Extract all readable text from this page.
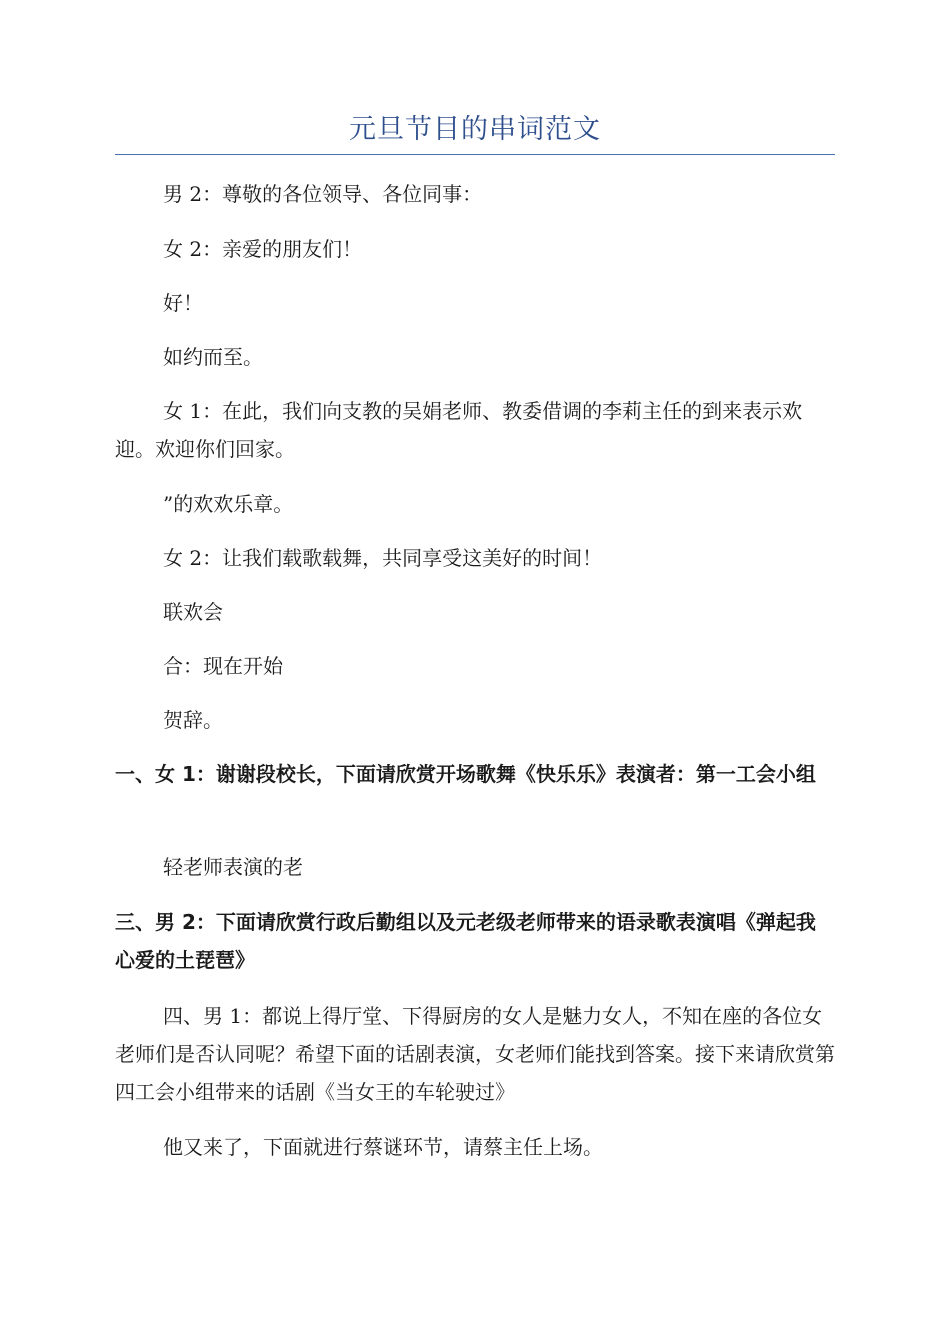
元旦节目的串词范文

男 2：尊敬的各位领导、各位同事：

女 2：亲爱的朋友们！

好！

如约而至。

女 1：在此，我们向支教的吴娟老师、教委借调的李莉主任的到来表示欢迎。欢迎你们回家。

”的欢欢乐章。

女 2：让我们载歌载舞，共同享受这美好的时间！

联欢会

合：现在开始

贺辞。

一、女 1：谢谢段校长，下面请欣赏开场歌舞《快乐乐》表演者：第一工会小组

轻老师表演的老

三、男 2：下面请欣赏行政后勤组以及元老级老师带来的语录歌表演唱《弹起我心爱的土琵琶》

四、男 1：都说上得厅堂、下得厨房的女人是魅力女人，不知在座的各位女老师们是否认同呢？希望下面的话剧表演，女老师们能找到答案。接下来请欣赏第四工会小组带来的话剧《当女王的车轮驶过》

他又来了，下面就进行蔡谜环节，请蔡主任上场。
